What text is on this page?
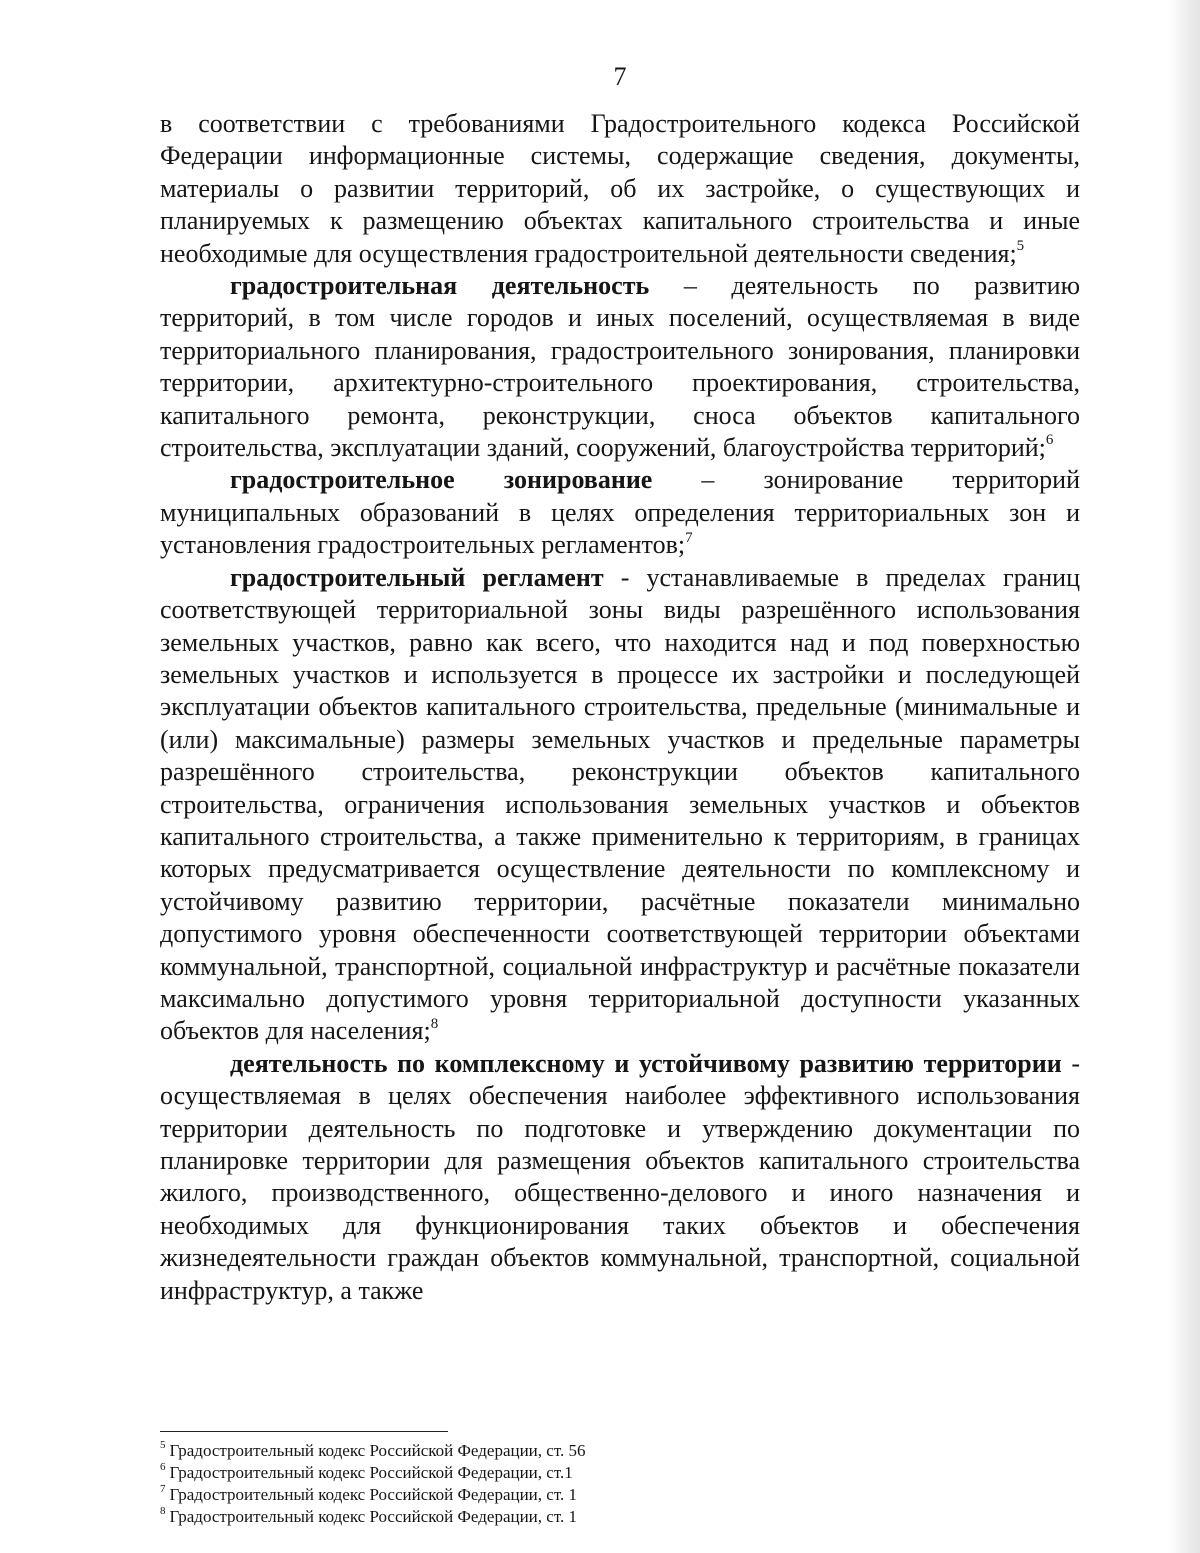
7

в соответствии с требованиями Градостроительного кодекса Российской Федерации информационные системы, содержащие сведения, документы, материалы о развитии территорий, об их застройке, о существующих и планируемых к размещению объектах капитального строительства и иные необходимые для осуществления градостроительной деятельности сведения;$^5$

градостроительная деятельность – деятельность по развитию территорий, в том числе городов и иных поселений, осуществляемая в виде территориального планирования, градостроительного зонирования, планировки территории, архитектурно-строительного проектирования, строительства, капитального ремонта, реконструкции, сноса объектов капитального строительства, эксплуатации зданий, сооружений, благоустройства территорий;$^6$

градостроительное зонирование – зонирование территорий муниципальных образований в целях определения территориальных зон и установления градостроительных регламентов;$^7$

градостроительный регламент - устанавливаемые в пределах границ соответствующей территориальной зоны виды разрешённого использования земельных участков, равно как всего, что находится над и под поверхностью земельных участков и используется в процессе их застройки и последующей эксплуатации объектов капитального строительства, предельные (минимальные и (или) максимальные) размеры земельных участков и предельные параметры разрешённого строительства, реконструкции объектов капитального строительства, ограничения использования земельных участков и объектов капитального строительства, а также применительно к территориям, в границах которых предусматривается осуществление деятельности по комплексному и устойчивому развитию территории, расчётные показатели минимально допустимого уровня обеспеченности соответствующей территории объектами коммунальной, транспортной, социальной инфраструктур и расчётные показатели максимально допустимого уровня территориальной доступности указанных объектов для населения;$^8$

деятельность по комплексному и устойчивому развитию территории - осуществляемая в целях обеспечения наиболее эффективного использования территории деятельность по подготовке и утверждению документации по планировке территории для размещения объектов капитального строительства жилого, производственного, общественно-делового и иного назначения и необходимых для функционирования таких объектов и обеспечения жизнедеятельности граждан объектов коммунальной, транспортной, социальной инфраструктур, а также

$^5$ Градостроительный кодекс Российской Федерации, ст. 56
$^6$ Градостроительный кодекс Российской Федерации, ст.1
$^7$ Градостроительный кодекс Российской Федерации, ст. 1
$^8$ Градостроительный кодекс Российской Федерации, ст. 1
